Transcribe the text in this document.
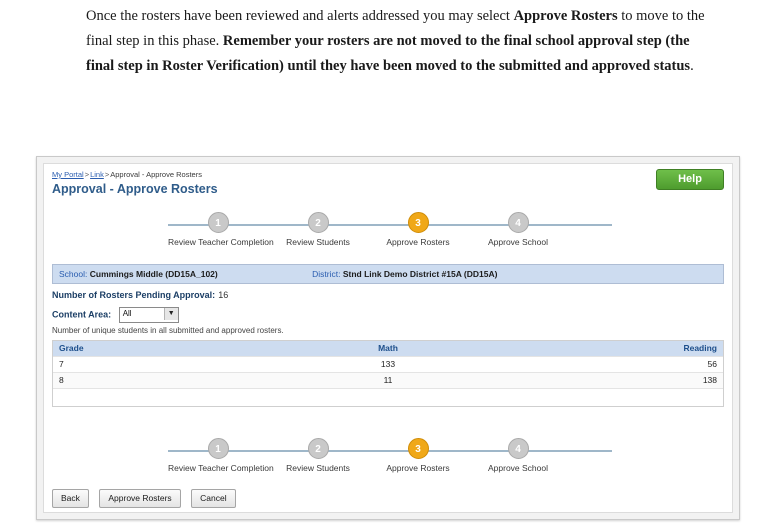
Once the rosters have been reviewed and alerts addressed you may select Approve Rosters to move to the final step in this phase. Remember your rosters are not moved to the final school approval step (the final step in Roster Verification) until they have been moved to the submitted and approved status.
My Portal>Link>Approval - Approve Rosters
Approval - Approve Rosters
Help
1
Review Teacher Completion
2
Review Students
3
Approve Rosters
4
Approve School
School: Cummings Middle (DD15A_102)	District: Stnd Link Demo District #15A (DD15A)
Number of Rosters Pending Approval: 16
Content Area: All	▼
Number of unique students in all submitted and approved rosters.
Grade	Math	Reading
7	133	56
8	11	138
1
Review Teacher Completion
2
Review Students
3
Approve Rosters
4
Approve School
Back	Approve Rosters	Cancel
